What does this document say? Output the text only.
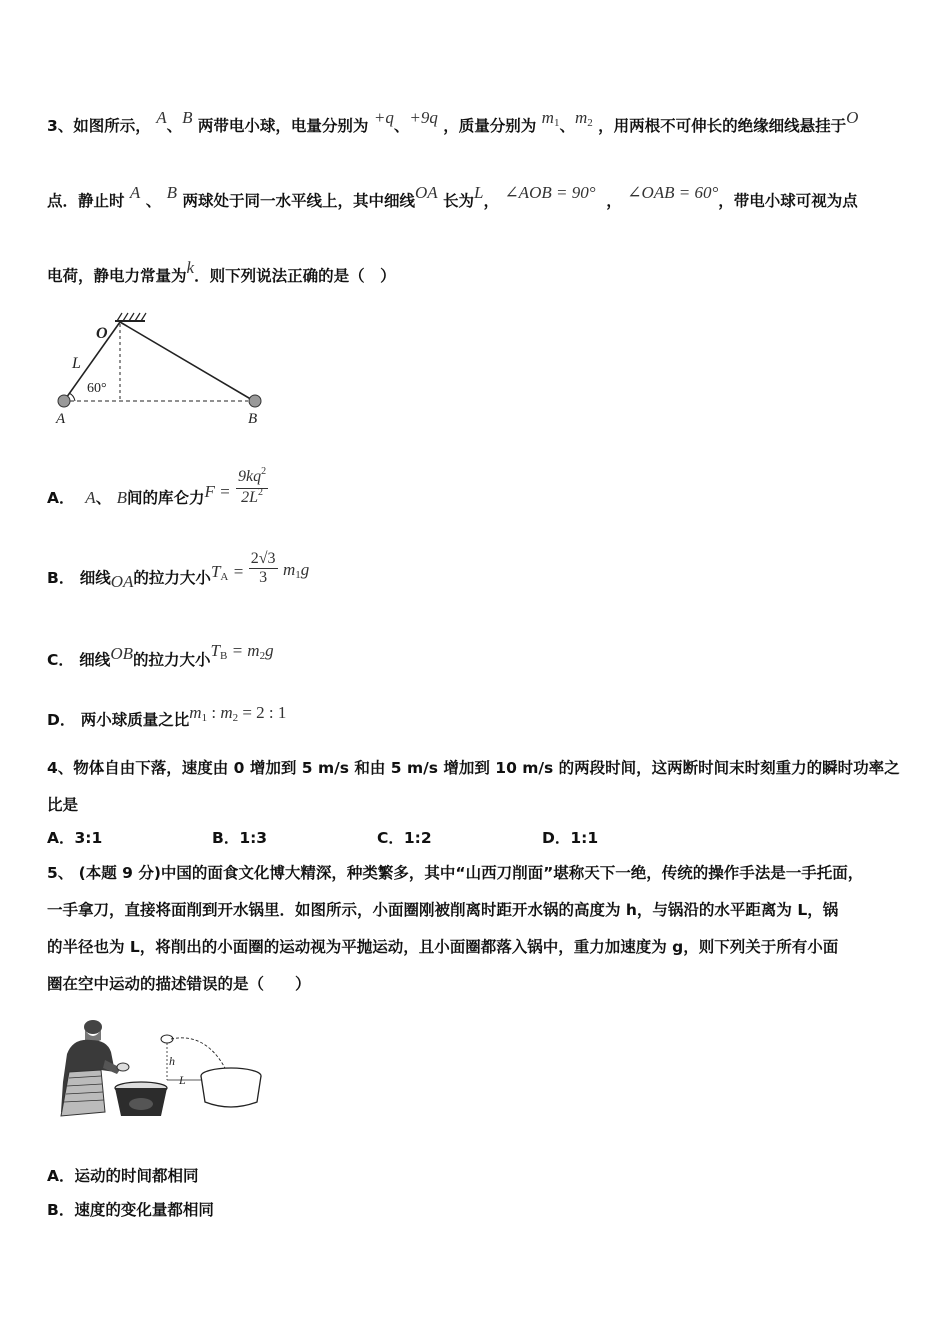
3、如图所示， A、B 两带电小球，电量分别为 +q、+9q ，质量分别为 m1、m2 ，用两根不可伸长的绝缘细线悬挂于O
点．静止时 A 、 B 两球处于同一水平线上，其中细线OA 长为L， ∠AOB = 90° ， ∠OAB = 60°，带电小球可视为点
电荷，静电力常量为k．则下列说法正确的是（　）
O
L
60°
A	B
A． A、 B间的库仑力$F = \frac{9kq^2}{2L^2}$
B． 细线OA的拉力大小TA = $\frac{2√3}{3} m1g$
C． 细线OB的拉力大小TB = m2g
D． 两小球质量之比m1 : m2 = 2 : 1
4、物体自由下落，速度由 0 增加到 5 m/s 和由 5 m/s 增加到 10 m/s 的两段时间，这两断时间末时刻重力的瞬时功率之
比是
A．3:1	B．1:3	C．1:2	D．1:1
5、 (本题 9 分)中国的面食文化博大精深，种类繁多，其中“山西刀削面”堪称天下一绝，传统的操作手法是一手托面，
一手拿刀，直接将面削到开水锅里．如图所示，小面圈刚被削离时距开水锅的高度为 h，与锅沿的水平距离为 L，锅
的半径也为 L，将削出的小面圈的运动视为平抛运动，且小面圈都落入锅中，重力加速度为 g，则下列关于所有小面
圈在空中运动的描述错误的是（　　）
h
L
A．运动的时间都相同
B．速度的变化量都相同
